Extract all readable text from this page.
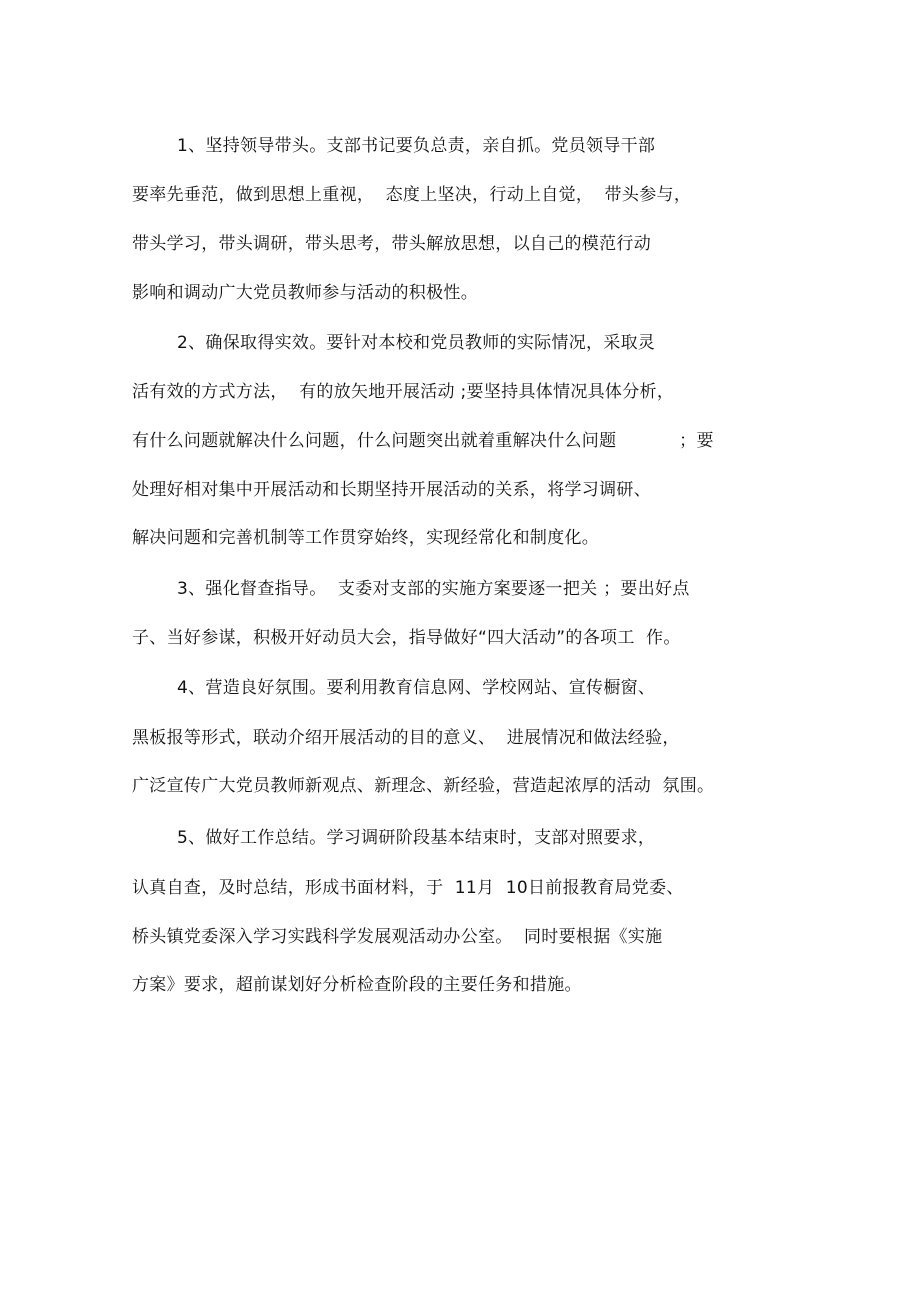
1、坚持领导带头。支部书记要负总责，亲自抓。党员领导干部
要率先垂范，做到思想上重视，  态度上坚决，行动上自觉，  带头参与，
带头学习，带头调研，带头思考，带头解放思想，以自己的模范行动
影响和调动广大党员教师参与活动的积极性。
2、确保取得实效。要针对本校和党员教师的实际情况，采取灵
活有效的方式方法，  有的放矢地开展活动 ;要坚持具体情况具体分析，
有什么问题就解决什么问题，什么问题突出就着重解决什么问题           ；要
处理好相对集中开展活动和长期坚持开展活动的关系，将学习调研、
解决问题和完善机制等工作贯穿始终，实现经常化和制度化。
3、强化督查指导。  支委对支部的实施方案要逐一把关 ；要出好点
子、当好参谋，积极开好动员大会，指导做好“四大活动”的各项工  作。
4、营造良好氛围。要利用教育信息网、学校网站、宣传橱窗、
黑板报等形式，联动介绍开展活动的目的意义、  进展情况和做法经验，
广泛宣传广大党员教师新观点、新理念、新经验，营造起浓厚的活动  氛围。
5、做好工作总结。学习调研阶段基本结束时，支部对照要求，
认真自查，及时总结，形成书面材料，于  11月  10日前报教育局党委、
桥头镇党委深入学习实践科学发展观活动办公室。  同时要根据《实施
方案》要求，超前谋划好分析检查阶段的主要任务和措施。
